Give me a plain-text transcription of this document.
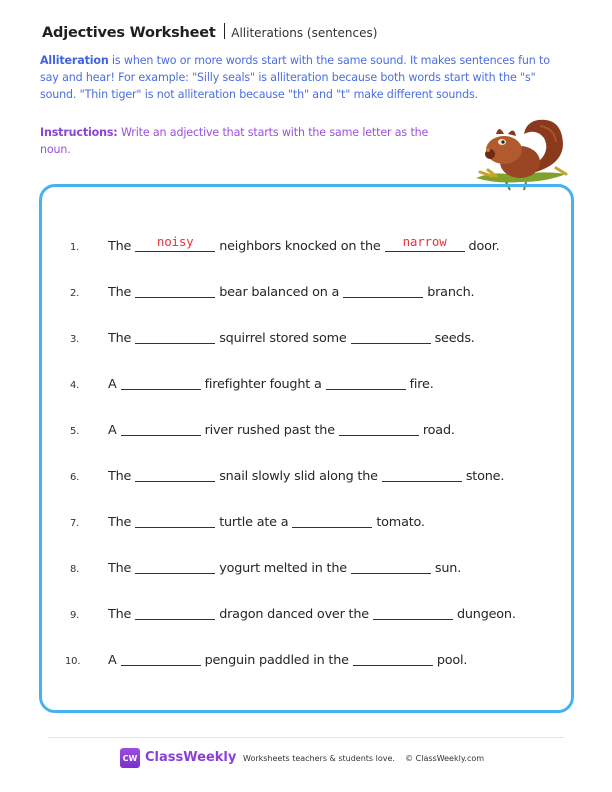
Adjectives Worksheet Alliterations (sentences)
Alliteration is when two or more words start with the same sound. It makes sentences fun to say and hear! For example: "Silly seals" is alliteration because both words start with the "s" sound. "Thin tiger" is not alliteration because "th" and "t" make different sounds.
Instructions: Write an adjective that starts with the same letter as the noun.
1.	The	noisy	neighbors knocked on the	narrow	door.
2.	The	bear balanced on a	branch.
3.	The	squirrel stored some	seeds.
4.	A	firefighter fought a	fire.
5.	A	river rushed past the	road.
6.	The	snail slowly slid along the	stone.
7.	The	turtle ate a	tomato.
8.	The	yogurt melted in the	sun.
9.	The	dragon danced over the	dungeon.
10.	A	penguin paddled in the	pool.
CW ClassWeekly Worksheets teachers & students love.    © ClassWeekly.com
